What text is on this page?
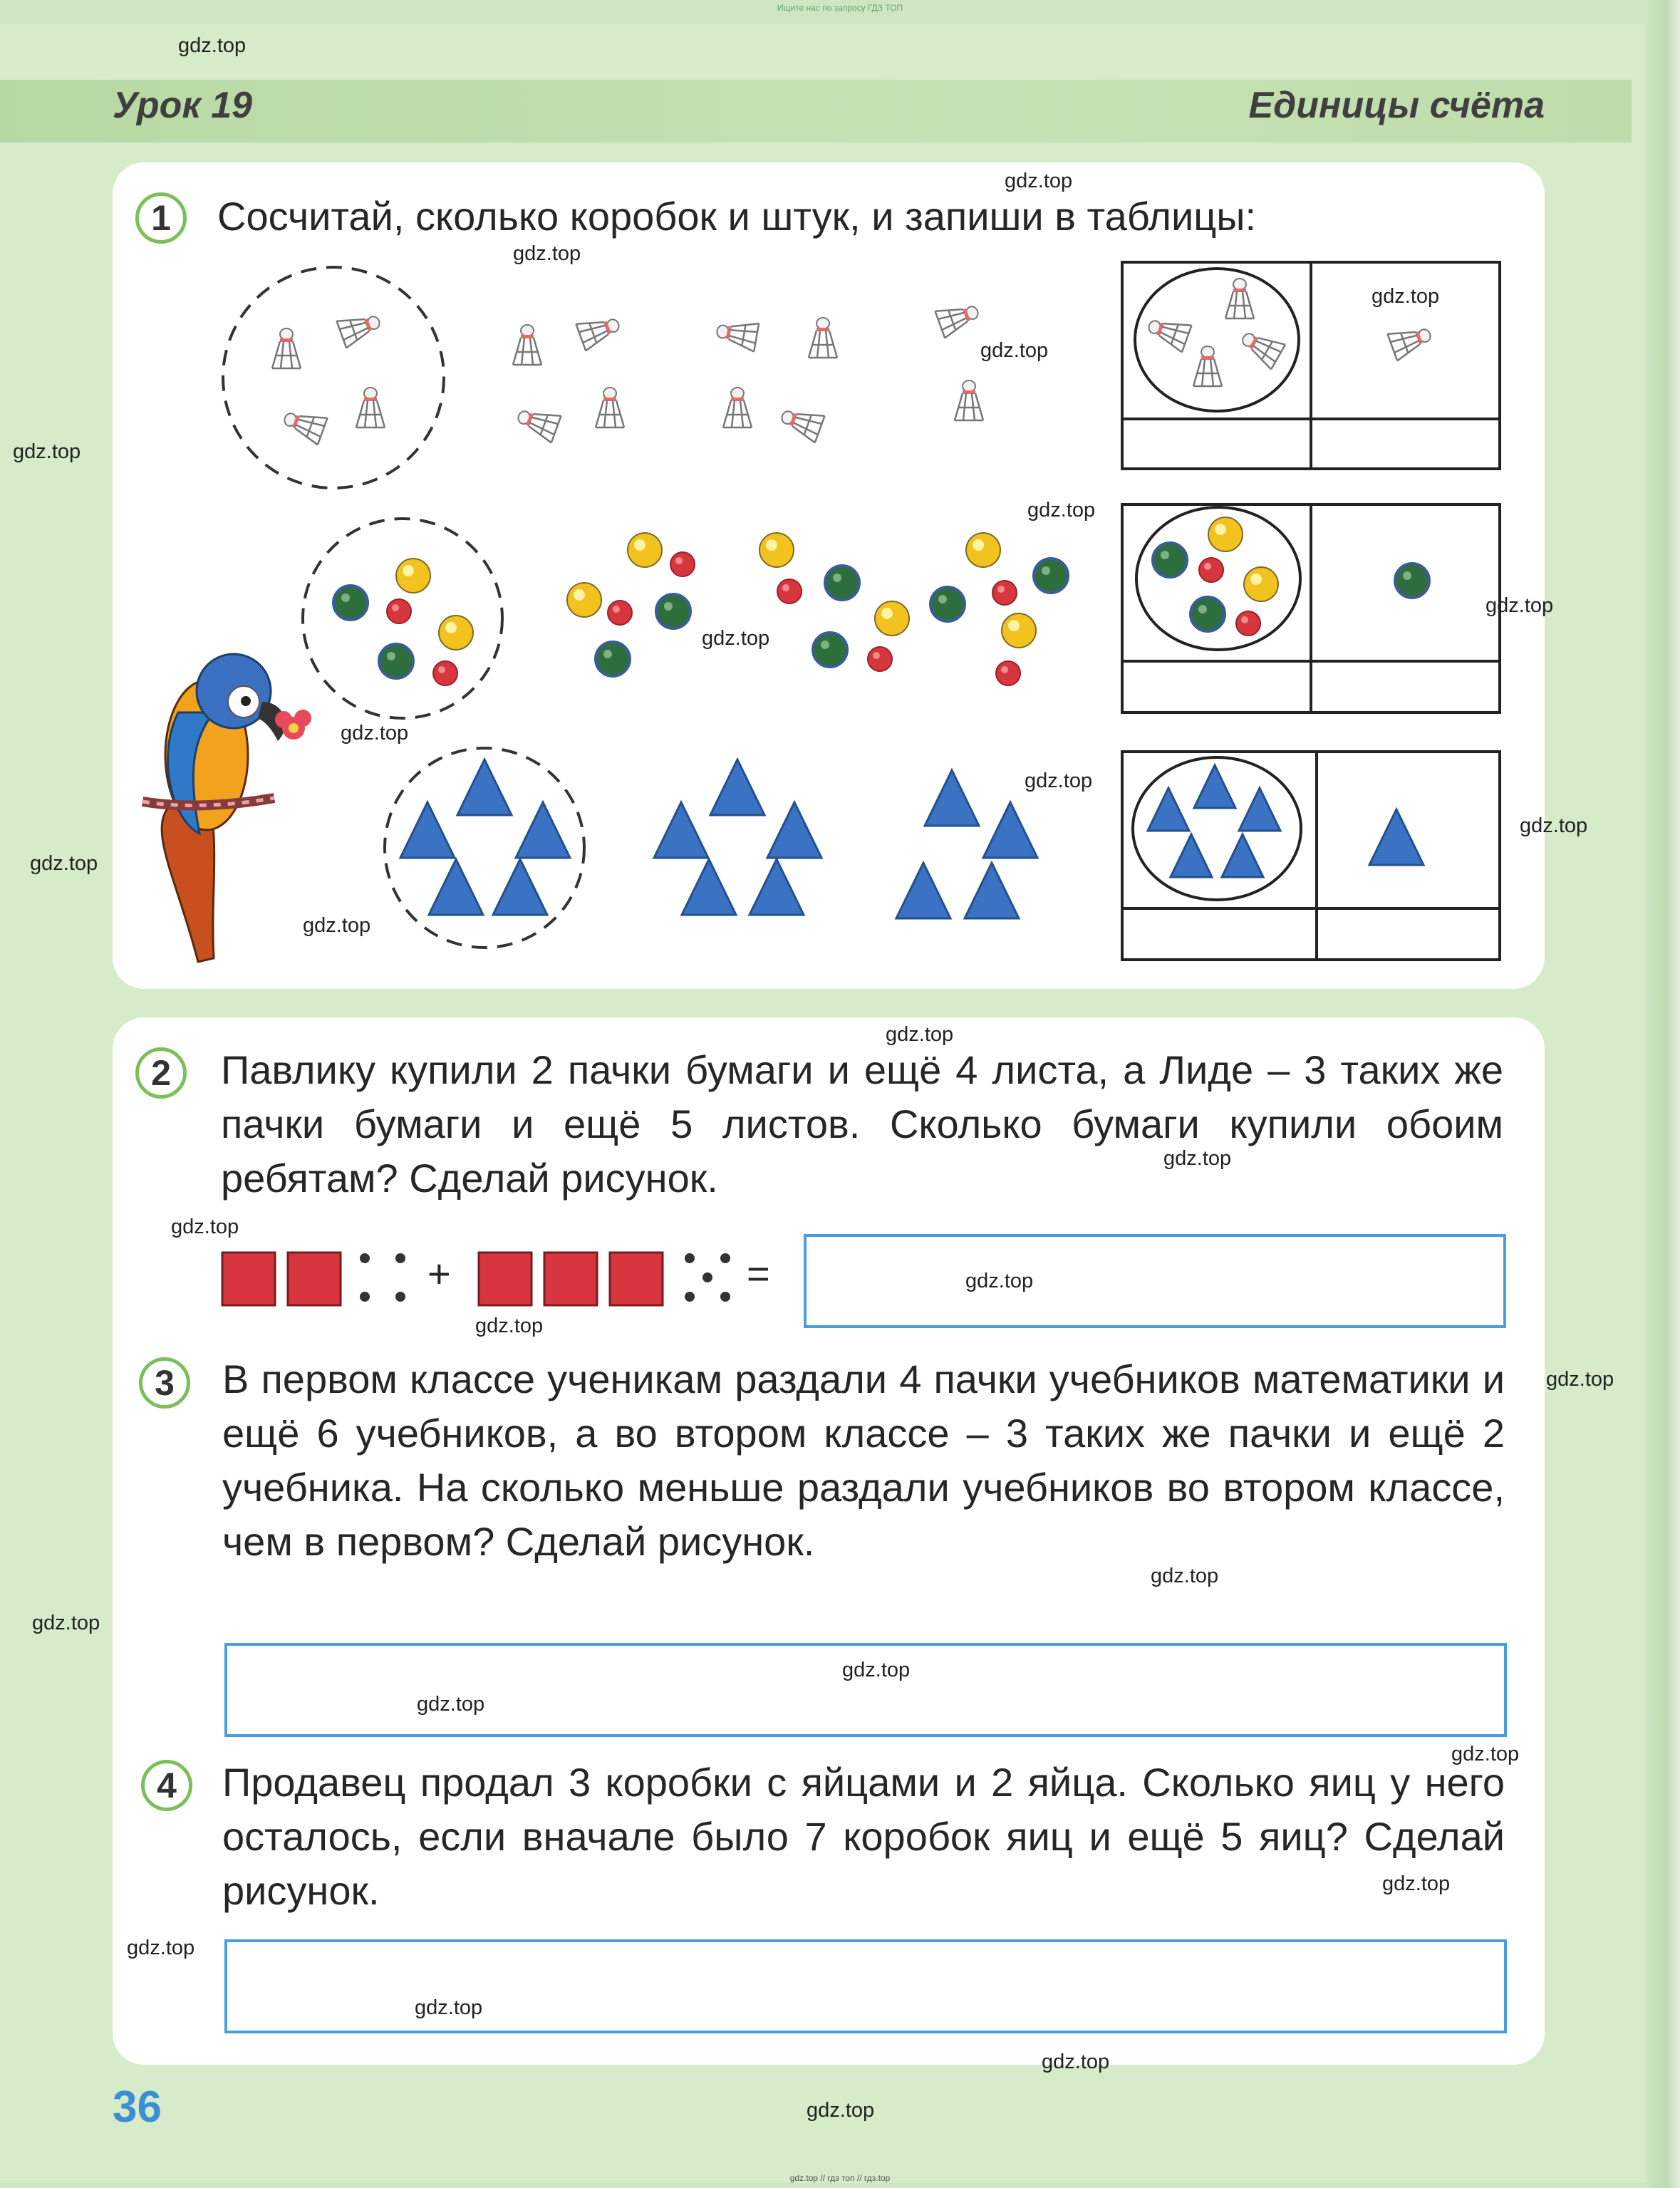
Ищите нас по запросу ГДЗ ТОП
Урок 19	Единицы счёта
1	Сосчитай, сколько коробок и штук, и запиши в таблицы:
2	Павлику купили 2 пачки бумаги и ещё 4 листа, а Лиде – 3 таких же пачки бумаги и ещё 5 листов. Сколько бумаги купили обоим ребятам? Сделай рисунок.
+	=
3	В первом классе ученикам раздали 4 пачки учебников математики и ещё 6 учебников, а во втором классе – 3 таких же пачки и ещё 2 учебника. На сколько меньше раздали учебников во втором классе, чем в первом? Сделай рисунок.
4	Продавец продал 3 коробки с яйцами и 2 яйца. Сколько яиц у него осталось, если вначале было 7 коробок яиц и ещё 5 яиц? Сделай рисунок.
36
gdz.top // гдз топ // гдз.top
gdz.top
gdz.top
gdz.top
gdz.top
gdz.top
gdz.top
gdz.top
gdz.top
gdz.top
gdz.top
gdz.top
gdz.top
gdz.top
gdz.top
gdz.top
gdz.top
gdz.top
gdz.top
gdz.top
gdz.top
gdz.top
gdz.top
gdz.top
gdz.top
gdz.top
gdz.top
gdz.top
gdz.top
gdz.top
gdz.top
